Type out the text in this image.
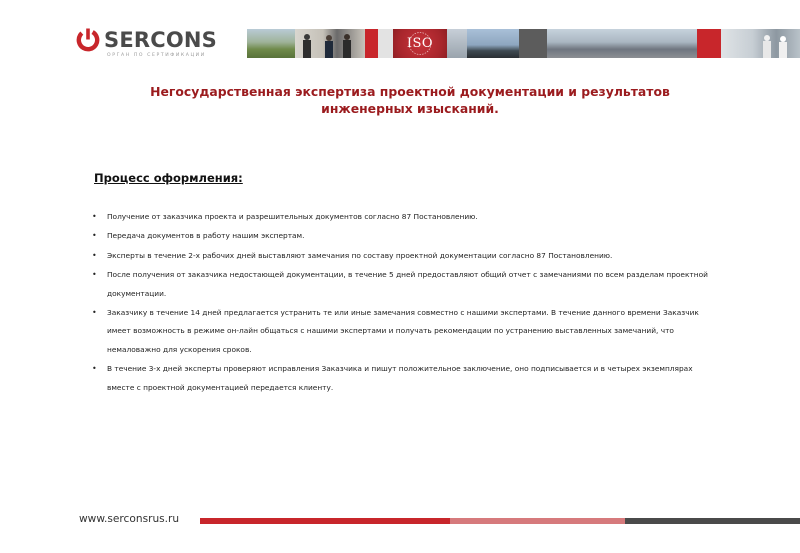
SERCONS
ОРГАН ПО СЕРТИФИКАЦИИ
ISO
Негосударственная экспертиза проектной документации и результатов
инженерных изысканий.
Процесс оформления:
• Получение от заказчика проекта и разрешительных документов согласно 87 Постановлению.
• Передача документов в работу нашим экспертам.
• Эксперты в течение 2-х рабочих дней выставляют замечания по составу проектной документации согласно 87 Постановлению.
• После получения от заказчика недостающей документации, в течение 5 дней предоставляют общий отчет с замечаниями по всем разделам проектной документации.
• Заказчику в течение 14 дней предлагается устранить те или иные замечания совместно с нашими экспертами. В течение данного времени Заказчик имеет возможность в режиме он-лайн общаться с нашими экспертами и получать рекомендации по устранению выставленных замечаний, что немаловажно для ускорения сроков.
• В течение 3-х дней эксперты проверяют исправления Заказчика и пишут положительное заключение, оно подписывается и в четырех экземплярах вместе с проектной документацией передается клиенту.
www.serconsrus.ru
